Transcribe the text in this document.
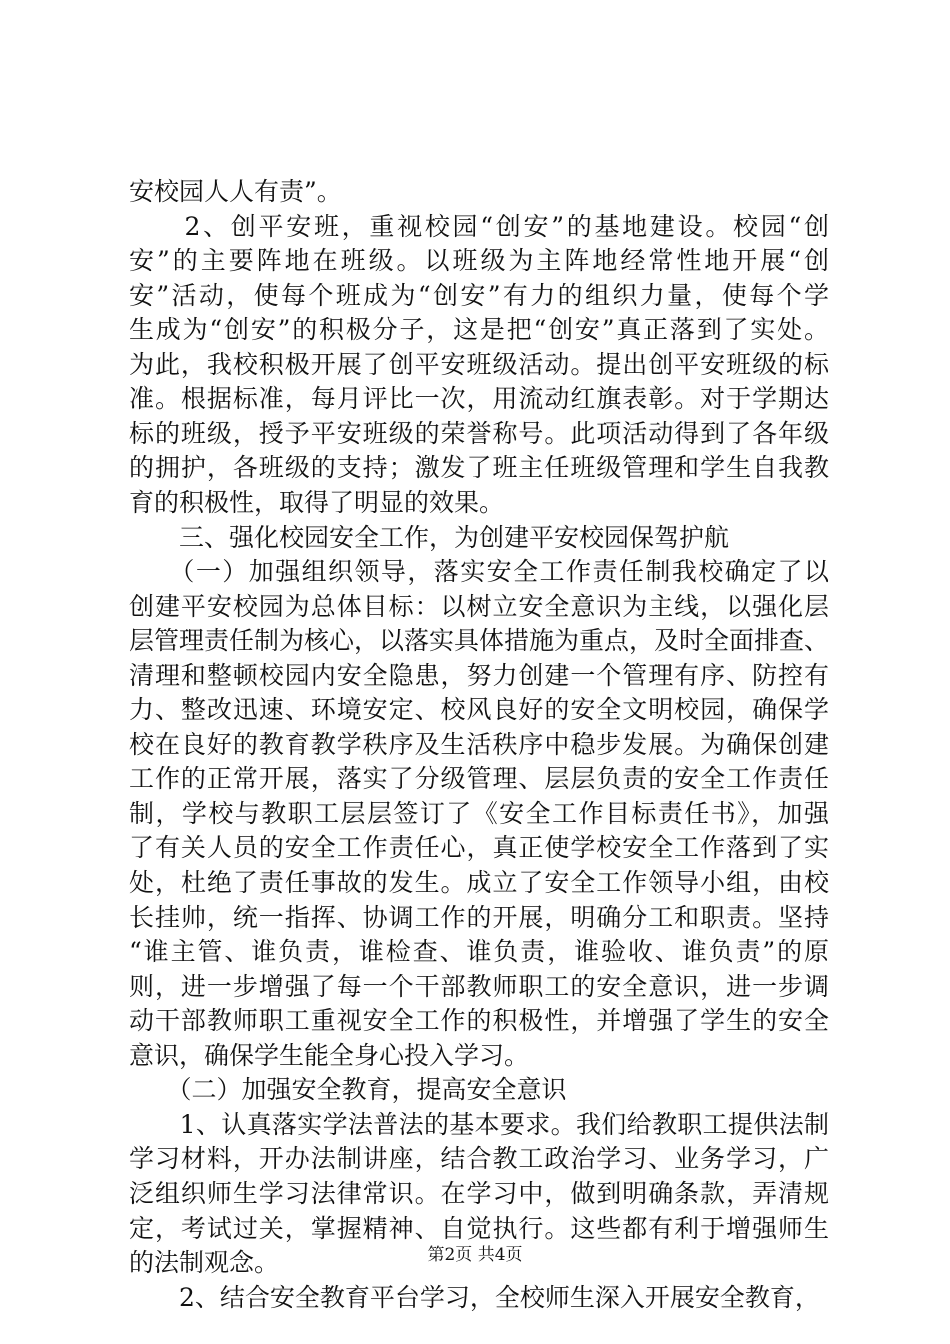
安校园人人有责”。
　　2、创平安班，重视校园“创安”的基地建设。校园“创
安”的主要阵地在班级。以班级为主阵地经常性地开展“创
安”活动，使每个班成为“创安”有力的组织力量，使每个学
生成为“创安”的积极分子，这是把“创安”真正落到了实处。
为此，我校积极开展了创平安班级活动。提出创平安班级的标
准。根据标准，每月评比一次，用流动红旗表彰。对于学期达
标的班级，授予平安班级的荣誉称号。此项活动得到了各年级
的拥护，各班级的支持；激发了班主任班级管理和学生自我教
育的积极性，取得了明显的效果。
　　三、强化校园安全工作，为创建平安校园保驾护航
　　（一）加强组织领导，落实安全工作责任制我校确定了以
创建平安校园为总体目标：以树立安全意识为主线，以强化层
层管理责任制为核心，以落实具体措施为重点，及时全面排查、
清理和整顿校园内安全隐患，努力创建一个管理有序、防控有
力、整改迅速、环境安定、校风良好的安全文明校园，确保学
校在良好的教育教学秩序及生活秩序中稳步发展。为确保创建
工作的正常开展，落实了分级管理、层层负责的安全工作责任
制，学校与教职工层层签订了《安全工作目标责任书》，加强
了有关人员的安全工作责任心，真正使学校安全工作落到了实
处，杜绝了责任事故的发生。成立了安全工作领导小组，由校
长挂帅，统一指挥、协调工作的开展，明确分工和职责。坚持
“谁主管、谁负责，谁检查、谁负责，谁验收、谁负责”的原
则，进一步增强了每一个干部教师职工的安全意识，进一步调
动干部教师职工重视安全工作的积极性，并增强了学生的安全
意识，确保学生能全身心投入学习。
　　（二）加强安全教育，提高安全意识
　　1、认真落实学法普法的基本要求。我们给教职工提供法制
学习材料，开办法制讲座，结合教工政治学习、业务学习，广
泛组织师生学习法律常识。在学习中，做到明确条款，弄清规
定，考试过关，掌握精神、自觉执行。这些都有利于增强师生
的法制观念。
　　2、结合安全教育平台学习，全校师生深入开展安全教育，
第2页 共4页
